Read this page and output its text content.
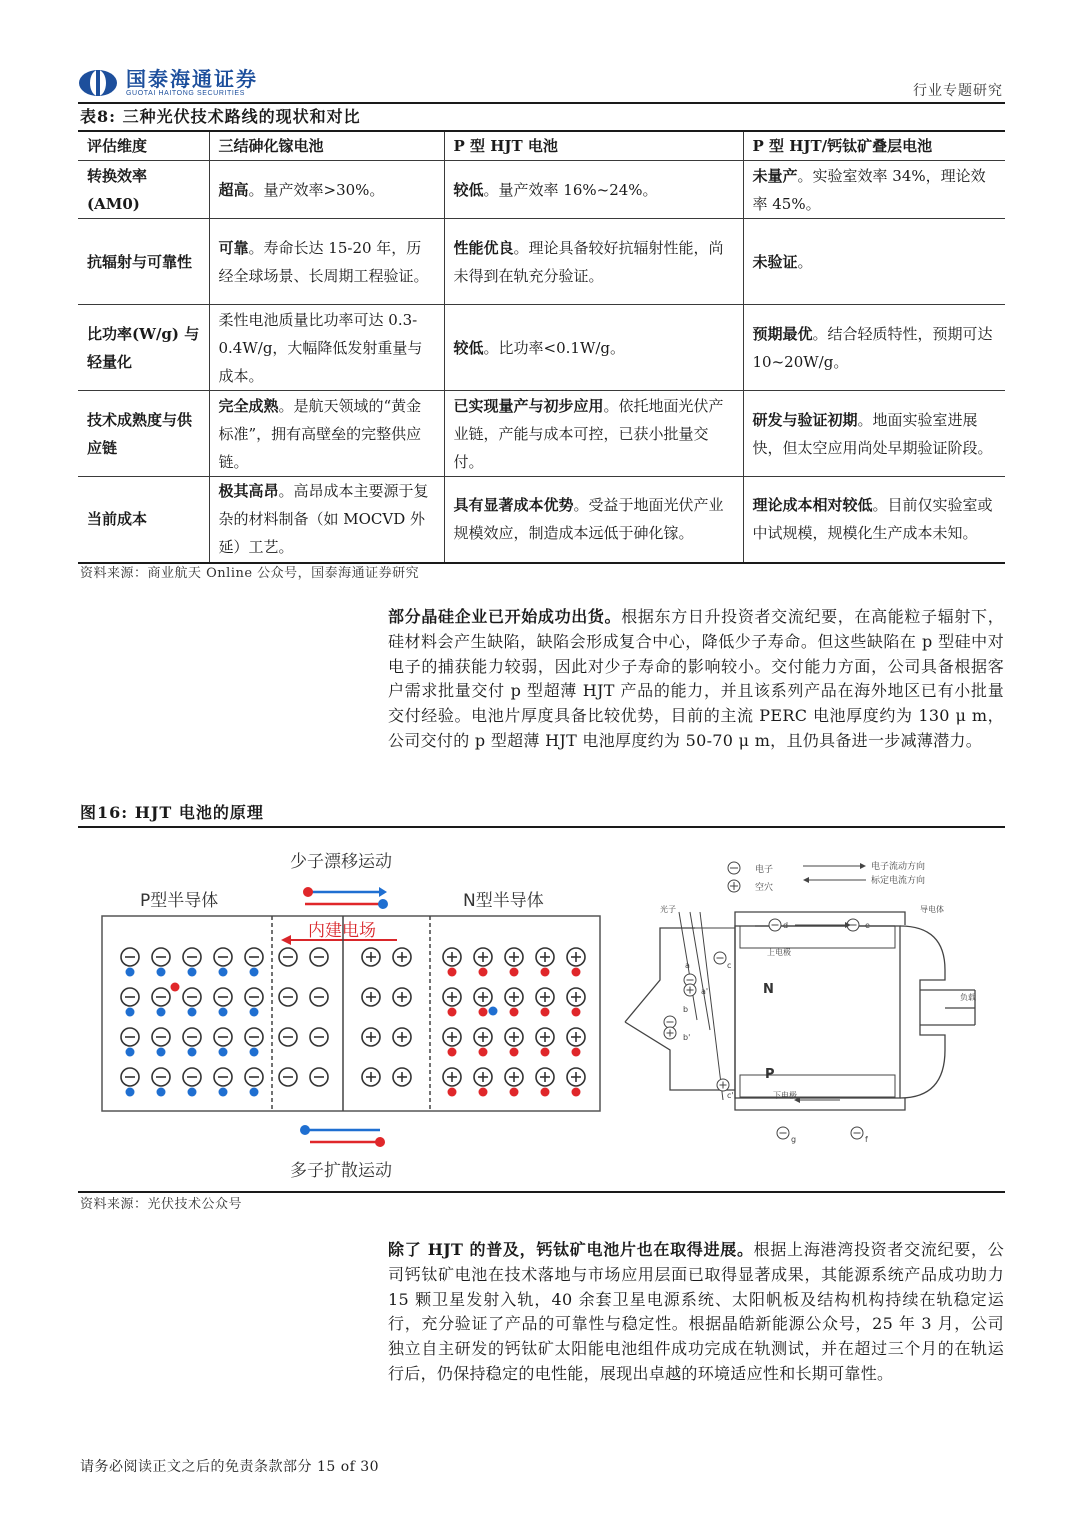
国泰海通证券
GUOTAI HAITONG SECURITIES	行业专题研究
表8: 三种光伏技术路线的现状和对比
评估维度	三结砷化镓电池	P 型 HJT 电池	P 型 HJT/钙钛矿叠层电池
转换效率 (AM0)	超高。量产效率>30%。	较低。量产效率 16%~24%。	未量产。实验室效率 34%，理论效率 45%。
抗辐射与可靠性	可靠。寿命长达 15-20 年，历经全球场景、长周期工程验证。	性能优良。理论具备较好抗辐射性能，尚未得到在轨充分验证。	未验证。
比功率(W/g) 与轻量化	柔性电池质量比功率可达 0.3-0.4W/g，大幅降低发射重量与成本。	较低。比功率<0.1W/g。	预期最优。结合轻质特性，预期可达 10~20W/g。
技术成熟度与供应链	完全成熟。是航天领域的“黄金标准”，拥有高壁垒的完整供应链。	已实现量产与初步应用。依托地面光伏产业链，产能与成本可控，已获小批量交付。	研发与验证初期。地面实验室进展快，但太空应用尚处早期验证阶段。
当前成本	极其高昂。高昂成本主要源于复杂的材料制备（如 MOCVD 外延）工艺。	具有显著成本优势。受益于地面光伏产业规模效应，制造成本远低于砷化镓。	理论成本相对较低。目前仅实验室或中试规模，规模化生产成本未知。
资料来源：商业航天 Online 公众号，国泰海通证券研究
部分晶硅企业已开始成功出货。根据东方日升投资者交流纪要，在高能粒子辐射下，硅材料会产生缺陷，缺陷会形成复合中心，降低少子寿命。但这些缺陷在 p 型硅中对电子的捕获能力较弱，因此对少子寿命的影响较小。交付能力方面，公司具备根据客户需求批量交付 p 型超薄 HJT 产品的能力，并且该系列产品在海外地区已有小批量交付经验。电池片厚度具备比较优势，目前的主流 PERC 电池厚度约为 130 μ m，公司交付的 p 型超薄 HJT 电池厚度约为 50-70 μ m，且仍具备进一步减薄潜力。
图16: HJT 电池的原理
少子漂移运动
P型半导体	N型半导体
内建电场
多子扩散运动
电子
空穴
电子流动方向
标定电流方向
上电极
下电极
导电体
光子
N
P
负载
a
a'
c
b
b'
c'
d	e
g	f
资料来源：光伏技术公众号
除了 HJT 的普及，钙钛矿电池片也在取得进展。根据上海港湾投资者交流纪要，公司钙钛矿电池在技术落地与市场应用层面已取得显著成果，其能源系统产品成功助力 15 颗卫星发射入轨，40 余套卫星电源系统、太阳帆板及结构机构持续在轨稳定运行，充分验证了产品的可靠性与稳定性。根据晶皓新能源公众号，25 年 3 月，公司独立自主研发的钙钛矿太阳能电池组件成功完成在轨测试，并在超过三个月的在轨运行后，仍保持稳定的电性能，展现出卓越的环境适应性和长期可靠性。
请务必阅读正文之后的免责条款部分 15 of 30
